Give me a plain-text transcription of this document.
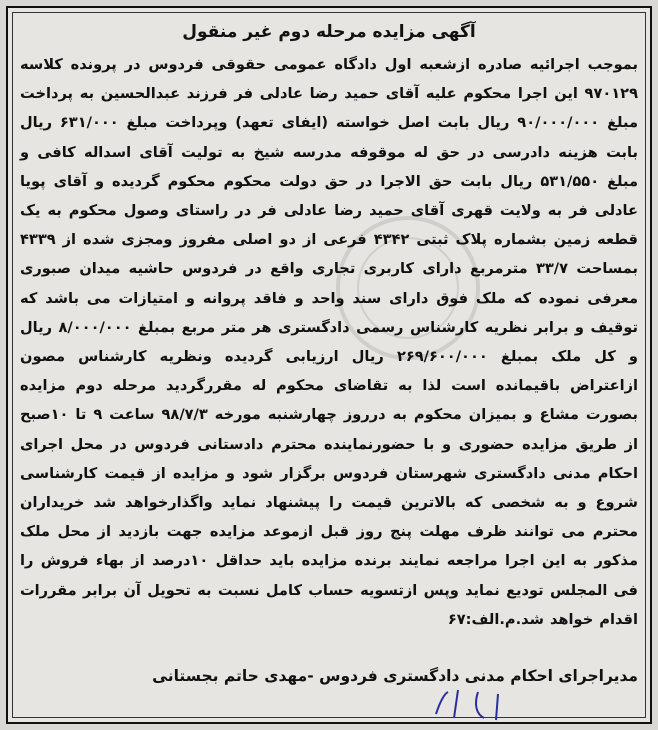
آگهی مزایده مرحله دوم غیر منقول
بموجب اجرائیه صادره ازشعبه اول دادگاه عمومی حقوقی فردوس در پرونده کلاسه ۹۷۰۱۲۹ این اجرا محکوم علیه آقای حمید رضا عادلی فر فرزند عبدالحسین به پرداخت مبلغ ۹۰/۰۰۰/۰۰۰ ریال بابت اصل خواسته (ایفای تعهد) وپرداخت مبلغ ۶۳۱/۰۰۰ ریال بابت هزینه دادرسی در حق له موقوفه مدرسه شیخ به تولیت آقای اسداله کافی و مبلغ ۵۳۱/۵۵۰ ریال بابت حق الاجرا در حق دولت محکوم محکوم گردیده و آقای پویا عادلی فر به ولایت قهری آقای حمید رضا عادلی فر در راستای وصول محکوم به یک قطعه زمین بشماره پلاک ثبتی ۴۳۴۲ فرعی از دو اصلی مفروز ومجزی شده از ۴۳۳۹ بمساحت ۳۳/۷ مترمربع دارای کاربری تجاری واقع در فردوس حاشیه میدان صبوری معرفی نموده که ملک فوق دارای سند واحد و فاقد پروانه و امتیازات می باشد که توقیف و برابر نظریه کارشناس رسمی دادگستری هر متر مربع بمبلغ ۸/۰۰۰/۰۰۰ ریال و کل ملک بمبلغ ۲۶۹/۶۰۰/۰۰۰ ریال ارزیابی گردیده ونظریه کارشناس مصون ازاعتراض باقیمانده است لذا به تقاضای محکوم له مقررگردید مرحله دوم مزایده بصورت مشاع و بمیزان محکوم به درروز چهارشنبه مورخه ۹۸/۷/۳ ساعت ۹ تا ۱۰صبح از طریق مزایده حضوری و با حضورنماینده محترم دادستانی فردوس در محل اجرای احکام مدنی دادگستری شهرستان فردوس برگزار شود و مزایده از قیمت کارشناسی شروع و به شخصی که بالاترین قیمت را پیشنهاد نماید واگذارخواهد شد خریداران محترم می توانند ظرف مهلت پنج روز قبل ازموعد مزایده جهت بازدید از محل ملک مذکور به این اجرا مراجعه نمایند برنده مزایده باید حداقل ۱۰درصد از بهاء فروش را فی المجلس تودیع نماید وپس ازتسویه حساب کامل نسبت به تحویل آن برابر مقررات اقدام خواهد شد.م.الف:۶۷
مدیراجرای احکام مدنی دادگستری فردوس -مهدی حاتم بجستانی
